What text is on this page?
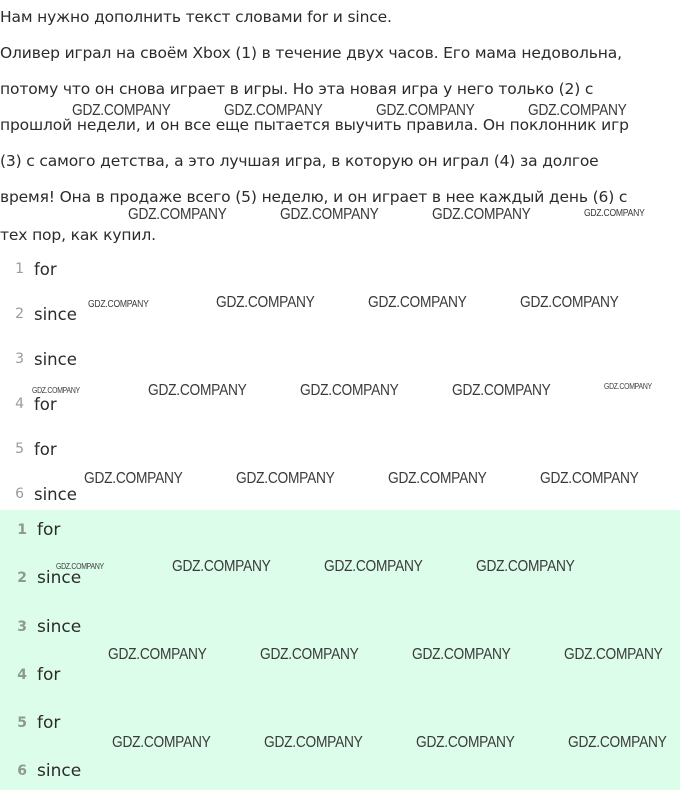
Нам нужно дополнить текст словами for и since.

Оливер играл на своём Xbox (1) в течение двух часов. Его мама недовольна,

потому что он снова играет в игры. Но эта новая игра у него только (2) с

прошлой недели, и он все еще пытается выучить правила. Он поклонник игр

(3) с самого детства, а это лучшая игра, в которую он играл (4) за долгое

время! Она в продаже всего (5) неделю, и он играет в нее каждый день (6) с

тех пор, как купил.

1 for
2 since
3 since
4 for
5 for
6 since
1 for
2 since
3 since
4 for
5 for
6 since
GDZ.COMPANY	GDZ.COMPANY	GDZ.COMPANY	GDZ.COMPANY
GDZ.COMPANY	GDZ.COMPANY	GDZ.COMPANY	GDZ.COMPANY
GDZ.COMPANY	GDZ.COMPANY	GDZ.COMPANY	GDZ.COMPANY
GDZ.COMPANY	GDZ.COMPANY	GDZ.COMPANY	GDZ.COMPANY	GDZ.COMPANY
GDZ.COMPANY	GDZ.COMPANY	GDZ.COMPANY	GDZ.COMPANY
GDZ.COMPANY	GDZ.COMPANY	GDZ.COMPANY	GDZ.COMPANY
GDZ.COMPANY	GDZ.COMPANY	GDZ.COMPANY	GDZ.COMPANY
GDZ.COMPANY	GDZ.COMPANY	GDZ.COMPANY	GDZ.COMPANY
